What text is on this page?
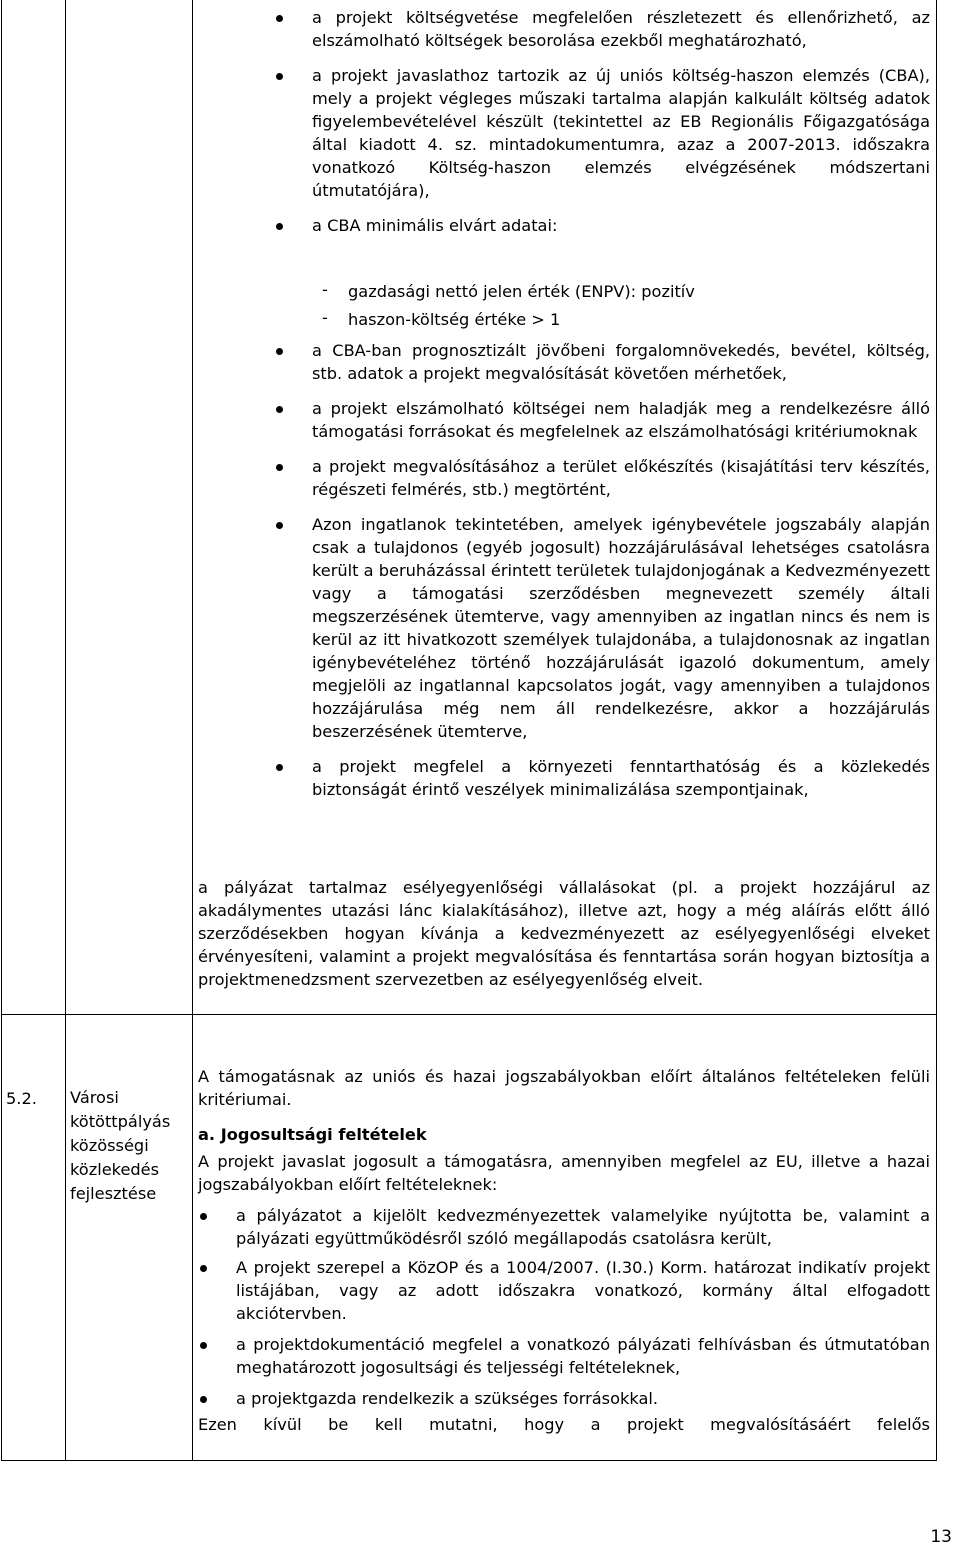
a projekt költségvetése megfelelően részletezett és ellenőrizhető, az elszámolható költségek besorolása ezekből meghatározható,

a projekt javaslathoz tartozik az új uniós költség-haszon elemzés (CBA), mely a projekt végleges műszaki tartalma alapján kalkulált költség adatok figyelembevételével készült (tekintettel az EB Regionális Főigazgatósága által kiadott 4. sz. mintadokumentumra, azaz a 2007-2013. időszakra vonatkozó Költség-haszon elemzés elvégzésének módszertani útmutatójára),

a CBA minimális elvárt adatai:

- gazdasági nettó jelen érték (ENPV): pozitív

- haszon-költség értéke > 1

a CBA-ban prognosztizált jövőbeni forgalomnövekedés, bevétel, költség, stb. adatok a projekt megvalósítását követően mérhetőek,

a projekt elszámolható költségei nem haladják meg a rendelkezésre álló támogatási forrásokat és megfelelnek az elszámolhatósági kritériumoknak

a projekt megvalósításához a terület előkészítés (kisajátítási terv készítés, régészeti felmérés, stb.) megtörtént,

Azon ingatlanok tekintetében, amelyek igénybevétele jogszabály alapján csak a tulajdonos (egyéb jogosult) hozzájárulásával lehetséges csatolásra került a beruházással érintett területek tulajdonjogának a Kedvezményezett vagy a támogatási szerződésben megnevezett személy általi megszerzésének ütemterve, vagy amennyiben az ingatlan nincs és nem is kerül az itt hivatkozott személyek tulajdonába, a tulajdonosnak az ingatlan igénybevételéhez történő hozzájárulását igazoló dokumentum, amely megjelöli az ingatlannal kapcsolatos jogát, vagy amennyiben a tulajdonos hozzájárulása még nem áll rendelkezésre, akkor a hozzájárulás beszerzésének ütemterve,

a projekt megfelel a környezeti fenntarthatóság és a közlekedés biztonságát érintő veszélyek minimalizálása szempontjainak,

a pályázat tartalmaz esélyegyenlőségi vállalásokat (pl. a projekt hozzájárul az akadálymentes utazási lánc kialakításához), illetve azt, hogy a még aláírás előtt álló szerződésekben hogyan kívánja a kedvezményezett az esélyegyenlőségi elveket érvényesíteni, valamint a projekt megvalósítása és fenntartása során hogyan biztosítja a projektmenedzsment szervezetben az esélyegyenlőség elveit.

5.2. Városi kötöttpályás közösségi közlekedés fejlesztése

A támogatásnak az uniós és hazai jogszabályokban előírt általános feltételeken felüli kritériumai.

a. Jogosultsági feltételek

A projekt javaslat jogosult a támogatásra, amennyiben megfelel az EU, illetve a hazai jogszabályokban előírt feltételeknek:

a pályázatot a kijelölt kedvezményezettek valamelyike nyújtotta be, valamint a pályázati együttműködésről szóló megállapodás csatolásra került,

A projekt szerepel a KözOP és a 1004/2007. (I.30.) Korm. határozat indikatív projekt listájában, vagy az adott időszakra vonatkozó, kormány által elfogadott akciótervben.

a projektdokumentáció megfelel a vonatkozó pályázati felhívásban és útmutatóban meghatározott jogosultsági és teljességi feltételeknek,

a projektgazda rendelkezik a szükséges forrásokkal.

Ezen kívül be kell mutatni, hogy a projekt megvalósításáért felelős

13
